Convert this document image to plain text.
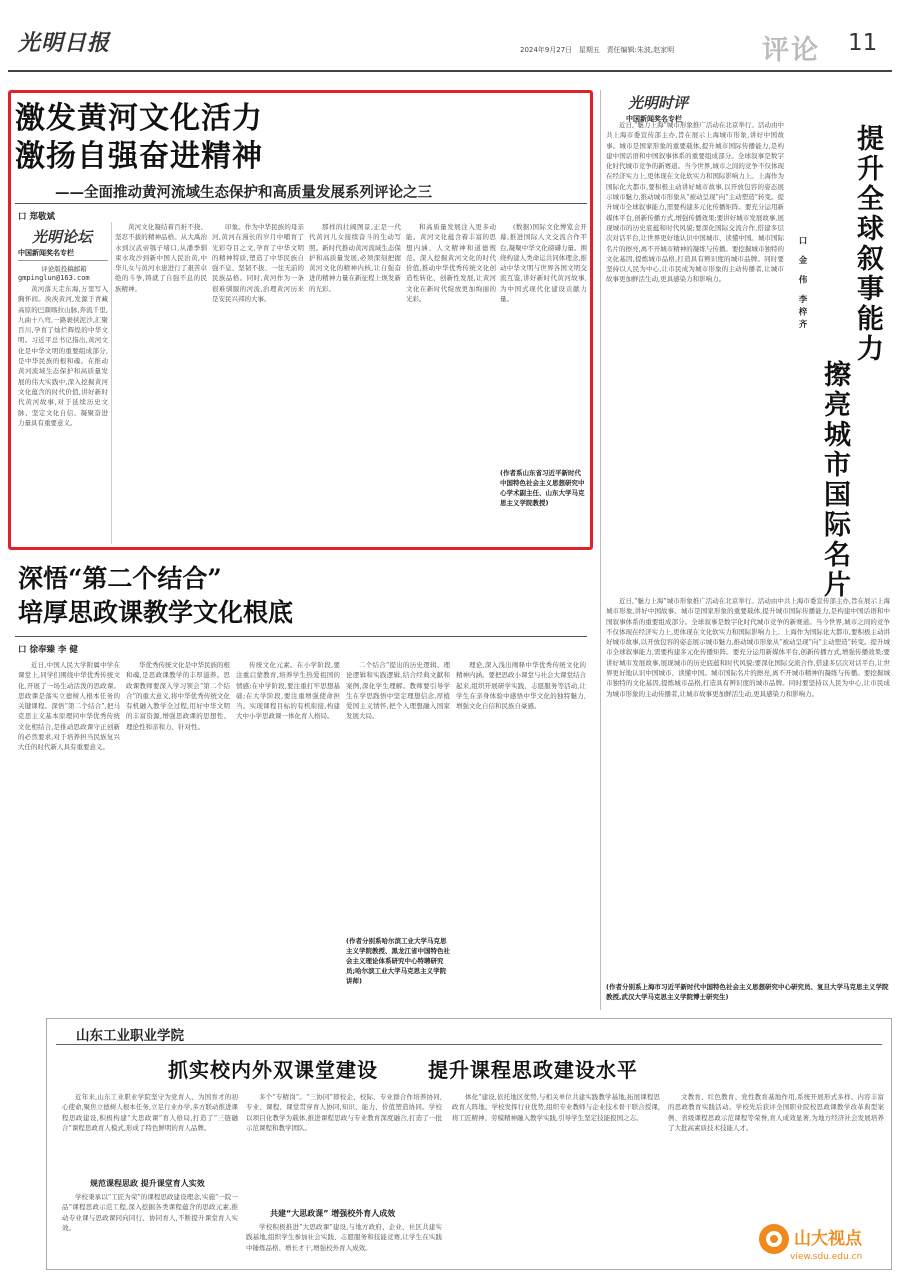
光明日报	2024年9月27日 星期五 责任编辑:朱波,赵家明	评论 11
激发黄河文化活力
激扬自强奋进精神
——全面推动黄河流域生态保护和高质量发展系列评论之三
口 郑敬斌
光明论坛
中国新闻奖名专栏
评论版投稿邮箱
gmpinglun@163.com

黄河落天走东海,万里写入胸怀间。泱泱黄河,发源于青藏高原的巴颜喀拉山脉,奔流千里,九曲十八弯,一路裹挟泥沙,汇聚百川,孕育了灿烂辉煌的中华文明。习近平总书记指出,黄河文化是中华文明的重要组成部分,是中华民族的根和魂。在推动黄河流域生态保护和高质量发展的伟大实践中,深入挖掘黄河文化蕴含的时代价值,讲好新时代黄河故事,对于延续历史文脉、坚定文化自信、凝聚奋进力量具有重要意义。

黄河文化凝结着百折不挠、坚忍不拔的精神品格。从大禹治水到汉武帝瓠子堵口,从潘季驯束水攻沙到新中国人民治黄,中华儿女与黄河水患进行了艰苦卓绝的斗争,铸就了自强不息的民族精神。

印象。作为中华民族的母亲河,黄河在漫长的岁月中哺育了光彩夺目之文,孕育了中华文明的精神特质,塑造了中华民族自强不息、坚韧不拔、一往无前的民族品格。同时,黄河作为一条很难驯服的河流,治理黄河历来是安民兴邦的大事。

那样的壮阔图景,正是一代代黄河儿女接续奋斗的生动写照。新时代推动黄河流域生态保护和高质量发展,必须深刻把握黄河文化的精神内核,让自强奋进的精神力量在新征程上焕发新的光彩。

和高质量发展注入更多动能。黄河文化蕴含着丰富的思想内涵、人文精神和道德规范。深入挖掘黄河文化的时代价值,推动中华优秀传统文化创造性转化、创新性发展,让黄河文化在新时代绽放更加绚丽的光彩。

(数据)国际文化博览会开幕,推进国际人文交流合作平台,凝聚中华文化磅礴力量。围绕构建人类命运共同体理念,推动中华文明与世界各国文明交流互鉴,讲好新时代黄河故事,为中国式现代化建设贡献力量。

(作者系山东省习近平新时代中国特色社会主义思想研究中心学术副主任、山东大学马克思主义学院教授)
深悟“第二个结合”
培厚思政课教学文化根底
口 徐奉臻 李 健

近日,中国人民大学附属中学在课堂上,同学们围绕中华优秀传统文化,开展了一场生动活泼的思政课。思政课是落实立德树人根本任务的关键课程。深悟“第二个结合”,把马克思主义基本原理同中华优秀传统文化相结合,是推动思政课守正创新的必然要求,对于培养担当民族复兴大任的时代新人具有重要意义。

华优秀传统文化是中华民族的根和魂,是思政课教学的丰厚滋养。思政课教师要深入学习领会“第二个结合”的重大意义,将中华优秀传统文化有机融入教学全过程,用好中华文明的丰富资源,增强思政课的思想性、理论性和亲和力、针对性。

传统文化元素。在小学阶段,要注重启蒙教育,培养学生热爱祖国的情感;在中学阶段,要注重打牢思想基础;在大学阶段,要注重增强使命担当。实现课程目标的有机衔接,构建大中小学思政课一体化育人格局。

二个结合”提出的历史逻辑、理论逻辑和实践逻辑,结合经典文献和案例,深化学生理解。教师要引导学生在学思践悟中坚定理想信念,厚植爱国主义情怀,把个人理想融入国家发展大局。

(作者分别系哈尔滨工业大学马克思主义学院教授、黑龙江省中国特色社会主义理论体系研究中心特聘研究员;哈尔滨工业大学马克思主义学院讲师)

理论,深入浅出阐释中华优秀传统文化的精神内涵。要把思政小课堂与社会大课堂结合起来,组织开展研学实践、志愿服务等活动,让学生在亲身体验中感悟中华文化的独特魅力,增强文化自信和民族自豪感。

光明时评
中国新闻奖名专栏
提升全球叙事能力
擦亮城市国际名片
口 金 伟 李梓齐

近日,“魅力上海”城市形象推广活动在北京举行。活动由中共上海市委宣传部主办,旨在展示上海城市形象,讲好中国故事。城市是国家形象的重要载体,提升城市国际传播能力,是构建中国话语和中国叙事体系的重要组成部分。全球叙事是数字化时代城市竞争的新赛道。当今世界,城市之间的竞争不仅体现在经济实力上,更体现在文化软实力和国际影响力上。上海作为国际化大都市,要积极主动讲好城市故事,以开放包容的姿态展示城市魅力,推动城市形象从“被动呈现”向“主动塑造”转变。提升城市全球叙事能力,需要构建多元化传播矩阵。要充分运用新媒体平台,创新传播方式,增强传播效果;要讲好城市发展故事,展现城市的历史底蕴和时代风貌;要深化国际交流合作,搭建多层次对话平台,让世界更好地认识中国城市、读懂中国。城市国际名片的擦亮,离不开城市精神的凝练与传播。要挖掘城市独特的文化基因,提炼城市品格,打造具有辨识度的城市品牌。同时要坚持以人民为中心,让市民成为城市形象的主动传播者,让城市故事更加鲜活生动,更具感染力和影响力。

近日,“魅力上海”城市形象推广活动在北京举行。活动由中共上海市委宣传部主办,旨在展示上海城市形象,讲好中国故事。城市是国家形象的重要载体,提升城市国际传播能力,是构建中国话语和中国叙事体系的重要组成部分。全球叙事是数字化时代城市竞争的新赛道。当今世界,城市之间的竞争不仅体现在经济实力上,更体现在文化软实力和国际影响力上。上海作为国际化大都市,要积极主动讲好城市故事,以开放包容的姿态展示城市魅力,推动城市形象从“被动呈现”向“主动塑造”转变。提升城市全球叙事能力,需要构建多元化传播矩阵。要充分运用新媒体平台,创新传播方式,增强传播效果;要讲好城市发展故事,展现城市的历史底蕴和时代风貌;要深化国际交流合作,搭建多层次对话平台,让世界更好地认识中国城市、读懂中国。城市国际名片的擦亮,离不开城市精神的凝练与传播。要挖掘城市独特的文化基因,提炼城市品格,打造具有辨识度的城市品牌。同时要坚持以人民为中心,让市民成为城市形象的主动传播者,让城市故事更加鲜活生动,更具感染力和影响力。

(作者分别系上海市习近平新时代中国特色社会主义思想研究中心研究员、复旦大学马克思主义学院教授,武汉大学马克思主义学院博士研究生)
山东工业职业学院
抓实校内外双课堂建设 提升课程思政建设水平

近年来,山东工业职业学院坚守为党育人、为国育才的初心使命,聚焦立德树人根本任务,立足行业办学,多方联动推进课程思政建设,积极构建“大思政课”育人格局,打造了“三链融合”课程思政育人模式,形成了特色鲜明的育人品牌。

规范课程思政 提升课堂育人实效

学校秉承以“工匠为荣”的课程思政建设理念,实施“一院一品”课程思政示范工程,深入挖掘各类课程蕴含的思政元素,推动专业课与思政课同向同行、协同育人,不断提升课堂育人实效。

多个“专精岗”。“三协同”即校企、校际、专业群合作培养协同,专业、课程、课堂贯穿育人协同,知识、能力、价值塑造协同。学校以项目化教学为载体,推进课程思政与专业教育深度融合,打造了一批示范课程和教学团队。

共建“大思政课” 增强校外育人成效

学校积极推进“大思政课”建设,与地方政府、企业、社区共建实践基地,组织学生参加社会实践、志愿服务和技能竞赛,让学生在实践中锤炼品格、增长才干,增强校外育人成效。

体化”建设,依托地区优势,与相关单位共建实践教学基地,拓展课程思政育人阵地。学校发挥行业优势,组织专业教师与企业技术骨干联合授课,将工匠精神、劳模精神融入教学实践,引导学生坚定技能报国之志。

文教育、红色教育、党性教育基地作用,系统开展形式多样、内容丰富的思政教育实践活动。学校先后获评全国职业院校思政课教学改革典型案例、省级课程思政示范课程等荣誉,育人成效显著,为地方经济社会发展培养了大批高素质技术技能人才。

山大视点
view.sdu.edu.cn
